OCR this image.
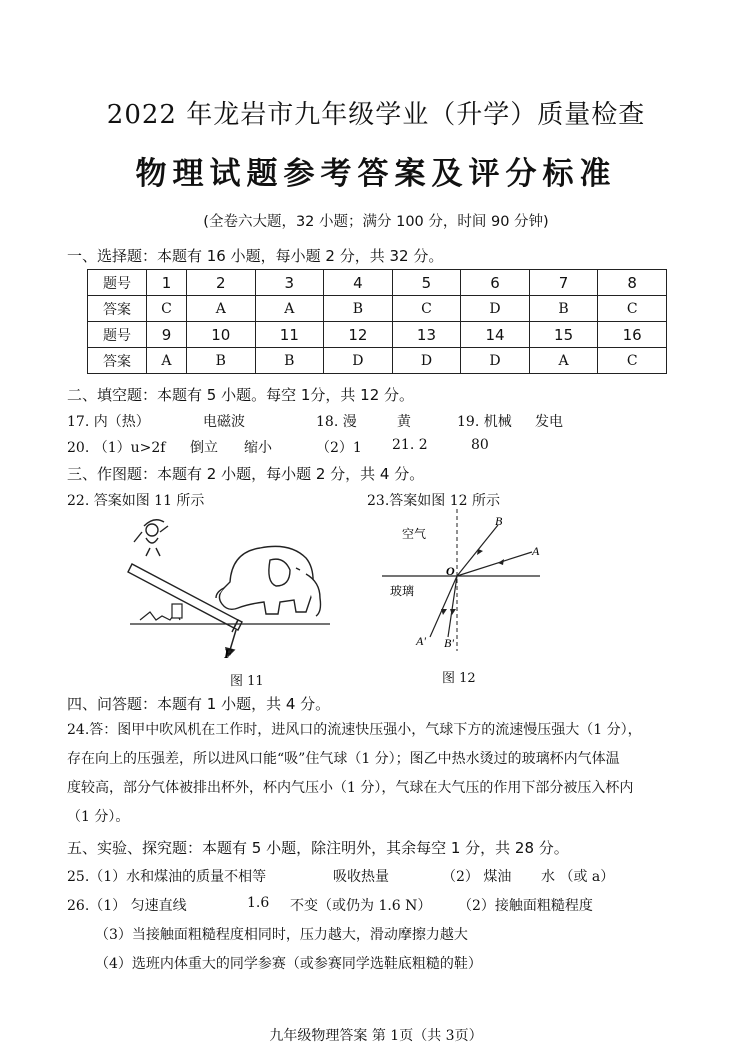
2022 年龙岩市九年级学业（升学）质量检查
物理试题参考答案及评分标准
(全卷六大题，32 小题；满分 100 分，时间 90 分钟)
一、选择题：本题有 16 小题，每小题 2 分，共 32 分。
题号	1	2	3	4	5	6	7	8
答案	C	A	A	B	C	D	B	C
题号	9	10	11	12	13	14	15	16
答案	A	B	B	D	D	D	A	C
二、填空题：本题有 5 小题。每空 1分，共 12 分。
17. 内（热）	电磁波	18. 漫	黄	19. 机械 发电
20. （1）u>2f 倒立 缩小	（2）1 21. 2	80
三、作图题：本题有 2 小题，每小题 2 分，共 4 分。
22. 答案如图 11 所示	23.答案如图 12 所示
F
图 11
空气
玻璃
B
A
O
A' B'
图 12
四、问答题：本题有 1 小题，共 4 分。
24.答：图甲中吹风机在工作时，进风口的流速快压强小，气球下方的流速慢压强大（1 分），
存在向上的压强差，所以进风口能“吸”住气球（1 分）；图乙中热水烫过的玻璃杯内气体温
度较高，部分气体被排出杯外，杯内气压小（1 分），气球在大气压的作用下部分被压入杯内
（1 分）。
五、实验、探究题：本题有 5 小题，除注明外，其余每空 1 分，共 28 分。
25.（1）水和煤油的质量不相等	吸收热量	（2） 煤油 水 （或 a）
26.（1） 匀速直线	1.6 不变（或仍为 1.6 N） （2）接触面粗糙程度
（3）当接触面粗糙程度相同时，压力越大，滑动摩擦力越大
（4）选班内体重大的同学参赛（或参赛同学选鞋底粗糙的鞋）
九年级物理答案 第 1页（共 3页）
